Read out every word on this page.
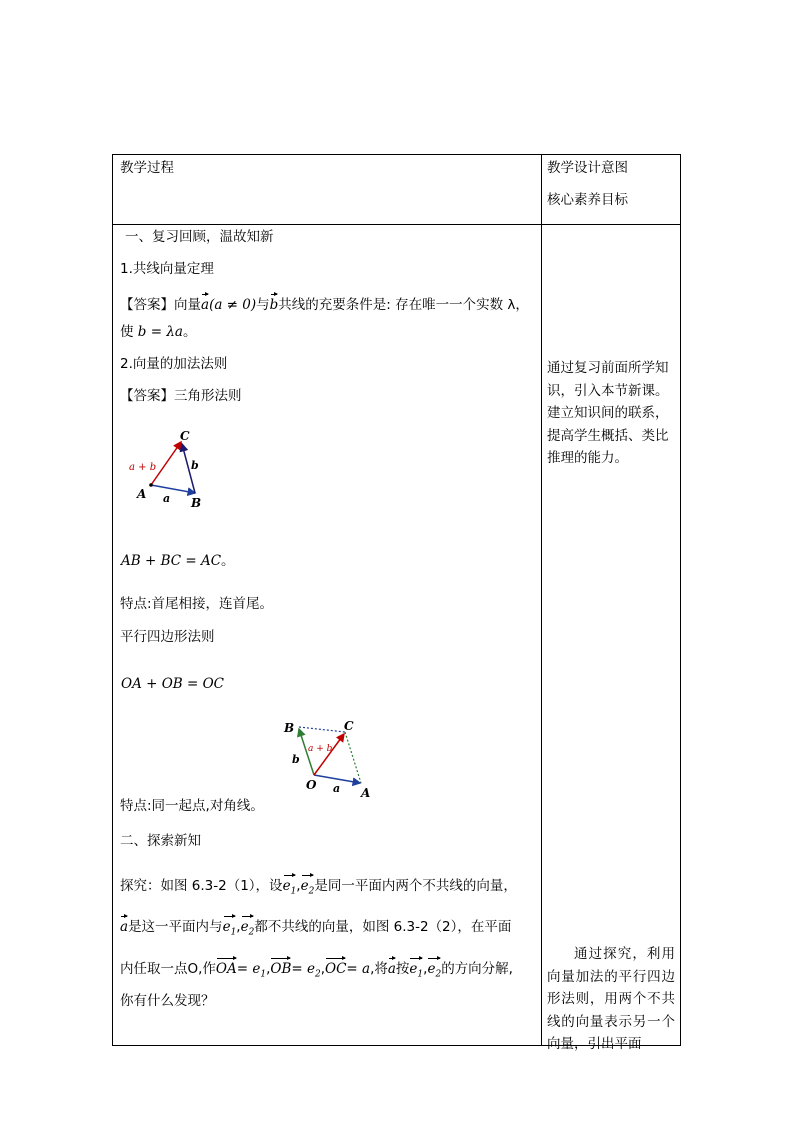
教学过程	教学设计意图
核心素养目标
一、复习回顾，温故知新
1.共线向量定理
【答案】向量a(a ≠ 0)与b共线的充要条件是: 存在唯一一个实数 λ，
使 b = λa。
2.向量的加法法则
【答案】三角形法则
C
A
B
a
b
a + b
AB + BC = AC。
特点:首尾相接，连首尾。
平行四边形法则
OA + OB = OC
B	C
O
A
a
b
a + b
特点:同一起点,对角线。
二、探索新知
探究：如图 6.3-2（1），设$e_1,e_2$是同一平面内两个不共线的向量，
a是这一平面内与$e_1,e_2$都不共线的向量，如图 6.3-2（2），在平面
内任取一点O,作$OA= e_1,OB= e_2,OC= a$,将a按$e_1,e_2$的方向分解,
你有什么发现？
通过复习前面所学知识，引入本节新课。建立知识间的联系，提高学生概括、类比推理的能力。
通过探究，利用向量加法的平行四边形法则，用两个不共线的向量表示另一个向量，引出平面
